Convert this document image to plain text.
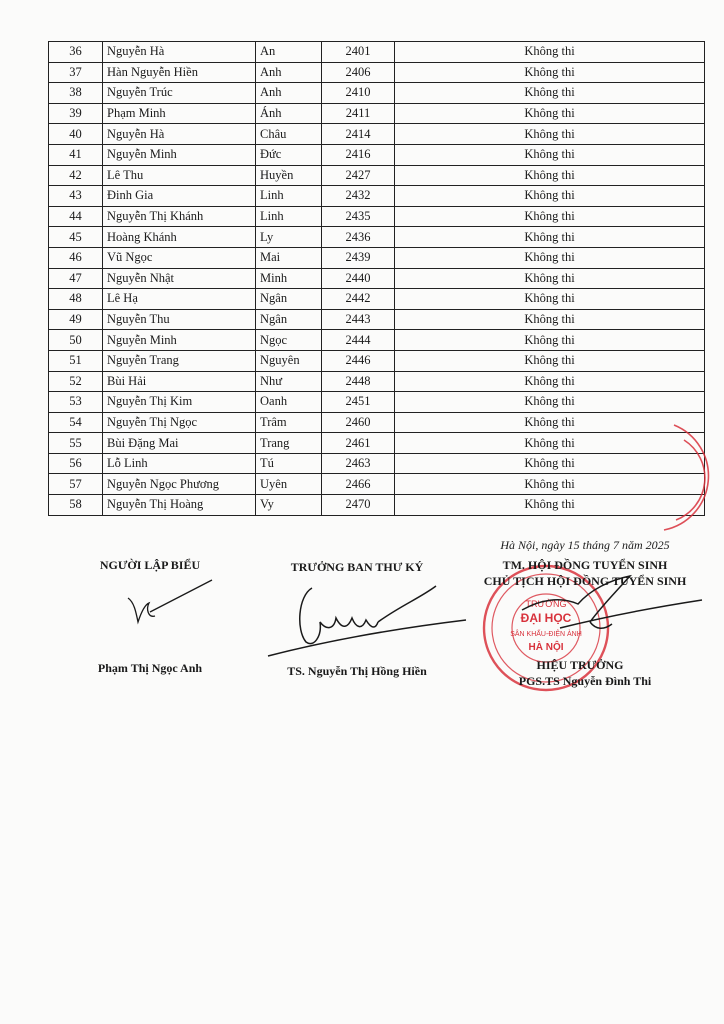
36	Nguyễn Hà	An	2401	Không thi
37	Hàn Nguyễn Hiền	Anh	2406	Không thi
38	Nguyễn Trúc	Anh	2410	Không thi
39	Phạm Minh	Ánh	2411	Không thi
40	Nguyễn Hà	Châu	2414	Không thi
41	Nguyễn Minh	Đức	2416	Không thi
42	Lê Thu	Huyền	2427	Không thi
43	Đinh Gia	Linh	2432	Không thi
44	Nguyễn Thị Khánh	Linh	2435	Không thi
45	Hoàng Khánh	Ly	2436	Không thi
46	Vũ Ngọc	Mai	2439	Không thi
47	Nguyễn Nhật	Minh	2440	Không thi
48	Lê Hạ	Ngân	2442	Không thi
49	Nguyễn Thu	Ngân	2443	Không thi
50	Nguyễn Minh	Ngọc	2444	Không thi
51	Nguyễn Trang	Nguyên	2446	Không thi
52	Bùi Hải	Như	2448	Không thi
53	Nguyễn Thị Kim	Oanh	2451	Không thi
54	Nguyễn Thị Ngọc	Trâm	2460	Không thi
55	Bùi Đặng Mai	Trang	2461	Không thi
56	Lỗ Linh	Tú	2463	Không thi
57	Nguyễn Ngọc Phương	Uyên	2466	Không thi
58	Nguyễn Thị Hoàng	Vy	2470	Không thi
TRƯỜNG
ĐẠI HỌC
SÂN KHẤU-ĐIỆN ẢNH
HÀ NỘI
NGƯỜI LẬP BIỂU
Phạm Thị Ngọc Anh
TRƯỞNG BAN THƯ KÝ
TS. Nguyễn Thị Hồng Hiền
Hà Nội, ngày 15 tháng 7 năm 2025
TM. HỘI ĐỒNG TUYỂN SINH
CHỦ TỊCH HỘI ĐỒNG TUYỂN SINH
HIỆU TRƯỞNG
PGS.TS Nguyễn Đình Thi
